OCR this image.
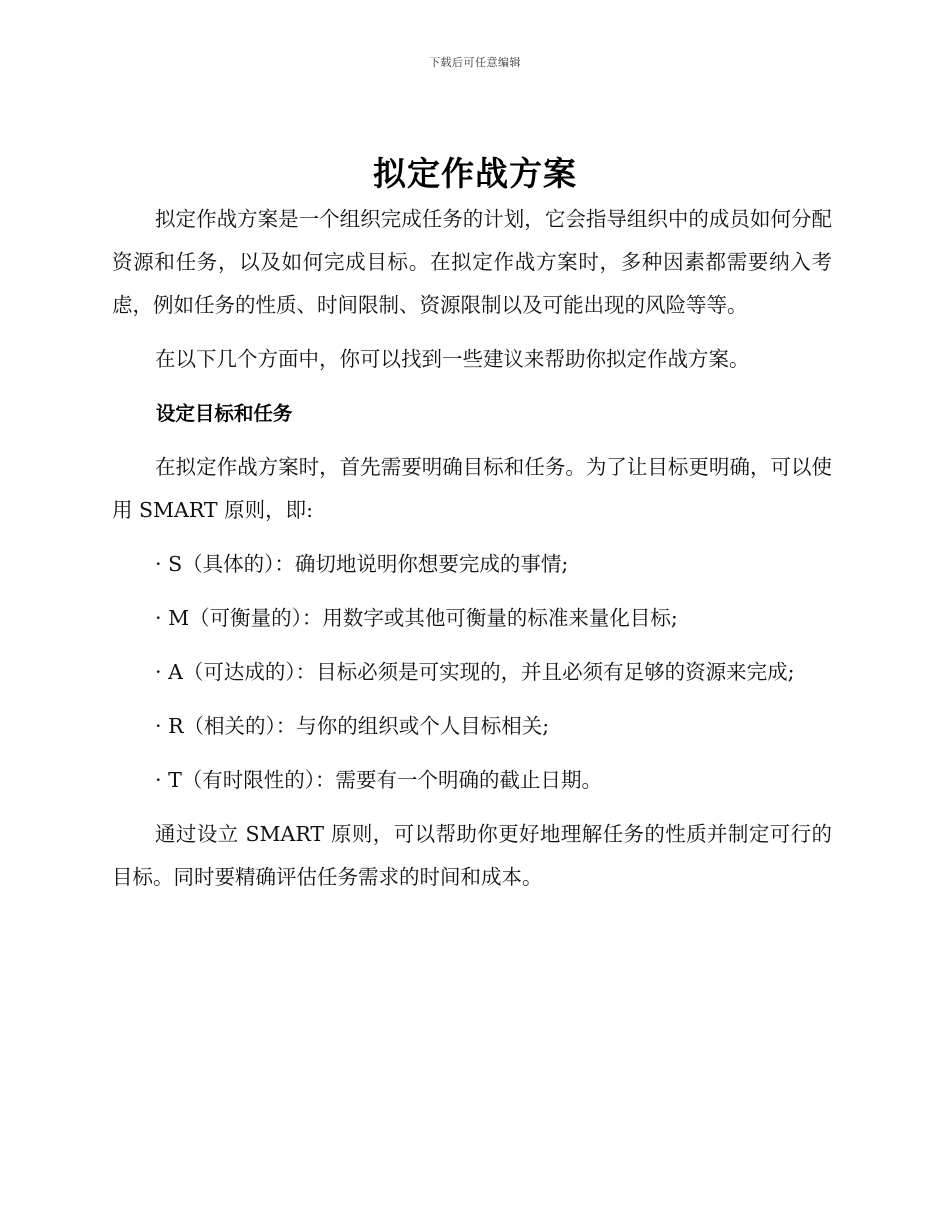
下载后可任意编辑
拟定作战方案

拟定作战方案是一个组织完成任务的计划，它会指导组织中的成员如何分配资源和任务，以及如何完成目标。在拟定作战方案时，多种因素都需要纳入考虑，例如任务的性质、时间限制、资源限制以及可能出现的风险等等。

在以下几个方面中，你可以找到一些建议来帮助你拟定作战方案。

设定目标和任务

在拟定作战方案时，首先需要明确目标和任务。为了让目标更明确，可以使用 SMART 原则，即:

· S（具体的）：确切地说明你想要完成的事情;

· M（可衡量的）：用数字或其他可衡量的标准来量化目标;

· A（可达成的）：目标必须是可实现的，并且必须有足够的资源来完成;

· R（相关的）：与你的组织或个人目标相关;

· T（有时限性的）：需要有一个明确的截止日期。

通过设立 SMART 原则，可以帮助你更好地理解任务的性质并制定可行的目标。同时要精确评估任务需求的时间和成本。
